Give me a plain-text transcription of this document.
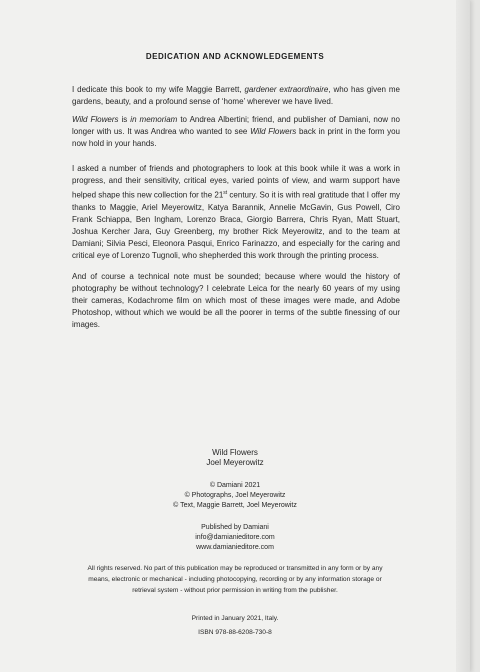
DEDICATION AND ACKNOWLEDGEMENTS
I dedicate this book to my wife Maggie Barrett, gardener extraordinaire, who has given me gardens, beauty, and a profound sense of ‘home’ wherever we have lived.
Wild Flowers is in memoriam to Andrea Albertini; friend, and publisher of Damiani, now no longer with us. It was Andrea who wanted to see Wild Flowers back in print in the form you now hold in your hands.
I asked a number of friends and photographers to look at this book while it was a work in progress, and their sensitivity, critical eyes, varied points of view, and warm support have helped shape this new collection for the 21st century. So it is with real gratitude that I offer my thanks to Maggie, Ariel Meyerowitz, Katya Barannik, Annelie McGavin, Gus Powell, Ciro Frank Schiappa, Ben Ingham, Lorenzo Braca, Giorgio Barrera, Chris Ryan, Matt Stuart, Joshua Kercher Jara, Guy Greenberg, my brother Rick Meyerowitz, and to the team at Damiani; Silvia Pesci, Eleonora Pasqui, Enrico Farinazzo, and especially for the caring and critical eye of Lorenzo Tugnoli, who shepherded this work through the printing process.
And of course a technical note must be sounded; because where would the history of photography be without technology? I celebrate Leica for the nearly 60 years of my using their cameras, Kodachrome film on which most of these images were made, and Adobe Photoshop, without which we would be all the poorer in terms of the subtle finessing of our images.
Wild Flowers
Joel Meyerowitz
© Damiani 2021
© Photographs, Joel Meyerowitz
© Text, Maggie Barrett, Joel Meyerowitz
Published by Damiani
info@damianieditore.com
www.damianieditore.com
All rights reserved. No part of this publication may be reproduced or transmitted in any form or by any
means, electronic or mechanical - including photocopying, recording or by any information storage or
retrieval system - without prior permission in writing from the publisher.
Printed in January 2021, Italy.
ISBN 978-88-6208-730-8
